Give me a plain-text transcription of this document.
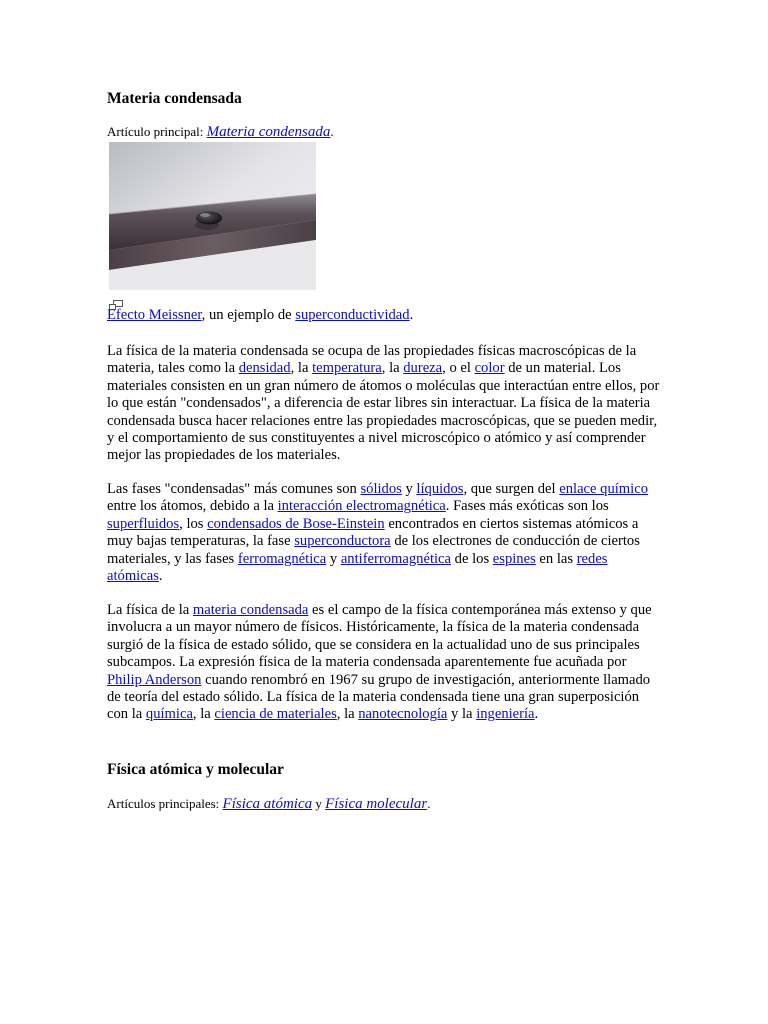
Materia condensada
Artículo principal: Materia condensada.
Efecto Meissner, un ejemplo de superconductividad.

La física de la materia condensada se ocupa de las propiedades físicas macroscópicas de la materia, tales como la densidad, la temperatura, la dureza, o el color de un material. Los materiales consisten en un gran número de átomos o moléculas que interactúan entre ellos, por lo que están "condensados", a diferencia de estar libres sin interactuar. La física de la materia condensada busca hacer relaciones entre las propiedades macroscópicas, que se pueden medir, y el comportamiento de sus constituyentes a nivel microscópico o atómico y así comprender mejor las propiedades de los materiales.

Las fases "condensadas" más comunes son sólidos y líquidos, que surgen del enlace químico entre los átomos, debido a la interacción electromagnética. Fases más exóticas son los superfluidos, los condensados de Bose-Einstein encontrados en ciertos sistemas atómicos a muy bajas temperaturas, la fase superconductora de los electrones de conducción de ciertos materiales, y las fases ferromagnética y antiferromagnética de los espines en las redes atómicas.

La física de la materia condensada es el campo de la física contemporánea más extenso y que involucra a un mayor número de físicos. Históricamente, la física de la materia condensada surgió de la física de estado sólido, que se considera en la actualidad uno de sus principales subcampos. La expresión física de la materia condensada aparentemente fue acuñada por Philip Anderson cuando renombró en 1967 su grupo de investigación, anteriormente llamado de teoría del estado sólido. La física de la materia condensada tiene una gran superposición con la química, la ciencia de materiales, la nanotecnología y la ingeniería.

Física atómica y molecular
Artículos principales: Física atómica y Física molecular.
